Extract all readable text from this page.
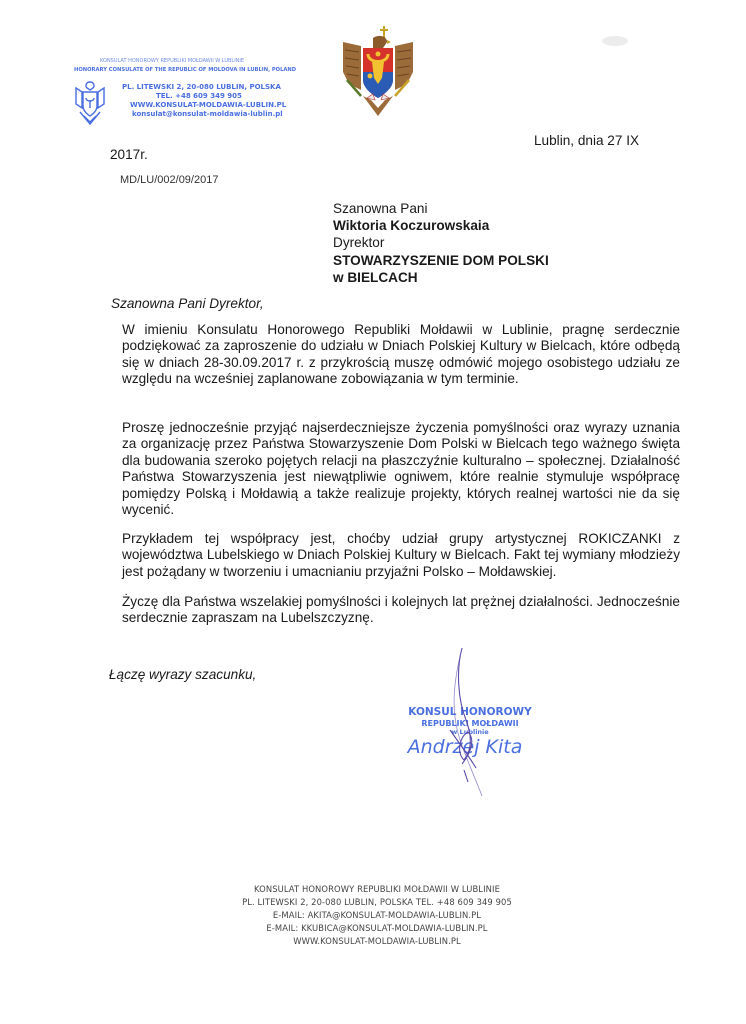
KONSULAT HONOROWY REPUBLIKI MOŁDAWII W LUBLINIE
HONORARY CONSULATE OF THE REPUBLIC OF MOLDOVA IN LUBLIN, POLAND
PL. LITEWSKI 2, 20-080 LUBLIN, POLSKA
TEL. +48 609 349 905
WWW.KONSULAT-MOLDAWIA-LUBLIN.PL
konsulat@konsulat-moldawia-lublin.pl
Lublin, dnia 27 IX
2017r.
MD/LU/002/09/2017
Szanowna Pani
Wiktoria Koczurowskaia
Dyrektor
STOWARZYSZENIE DOM POLSKI
w BIELCACH
Szanowna Pani Dyrektor,
W imieniu Konsulatu Honorowego Republiki Mołdawii w Lublinie, pragnę serdecznie podziękować za zaproszenie do udziału w Dniach Polskiej Kultury w Bielcach, które odbędą się w dniach 28-30.09.2017 r. z przykrością muszę odmówić mojego osobistego udziału ze względu na wcześniej zaplanowane zobowiązania w tym terminie.
Proszę jednocześnie przyjąć najserdeczniejsze życzenia pomyślności oraz wyrazy uznania za organizację przez Państwa Stowarzyszenie Dom Polski w Bielcach tego ważnego święta dla budowania szeroko pojętych relacji na płaszczyźnie kulturalno – społecznej. Działalność Państwa Stowarzyszenia jest niewątpliwie ogniwem, które realnie stymuluje współpracę pomiędzy Polską i Mołdawią a także realizuje projekty, których realnej wartości nie da się wycenić.
Przykładem tej współpracy jest, choćby udział grupy artystycznej ROKICZANKI z województwa Lubelskiego w Dniach Polskiej Kultury w Bielcach. Fakt tej wymiany młodzieży jest pożądany w tworzeniu i umacnianiu przyjaźni Polsko – Mołdawskiej.
Życzę dla Państwa wszelakiej pomyślności i kolejnych lat prężnej działalności. Jednocześnie serdecznie zapraszam na Lubelszczyznę.
Łączę wyrazy szacunku,
KONSUL HONOROWY
REPUBLIKI MOŁDAWII
w Lublinie
Andrzej Kita
KONSULAT HONOROWY REPUBLIKI MOŁDAWII W LUBLINIE
PL. LITEWSKI 2, 20-080 LUBLIN, POLSKA TEL. +48 609 349 905
E-MAIL: AKITA@KONSULAT-MOLDAWIA-LUBLIN.PL
E-MAIL: KKUBICA@KONSULAT-MOLDAWIA-LUBLIN.PL
WWW.KONSULAT-MOLDAWIA-LUBLIN.PL
